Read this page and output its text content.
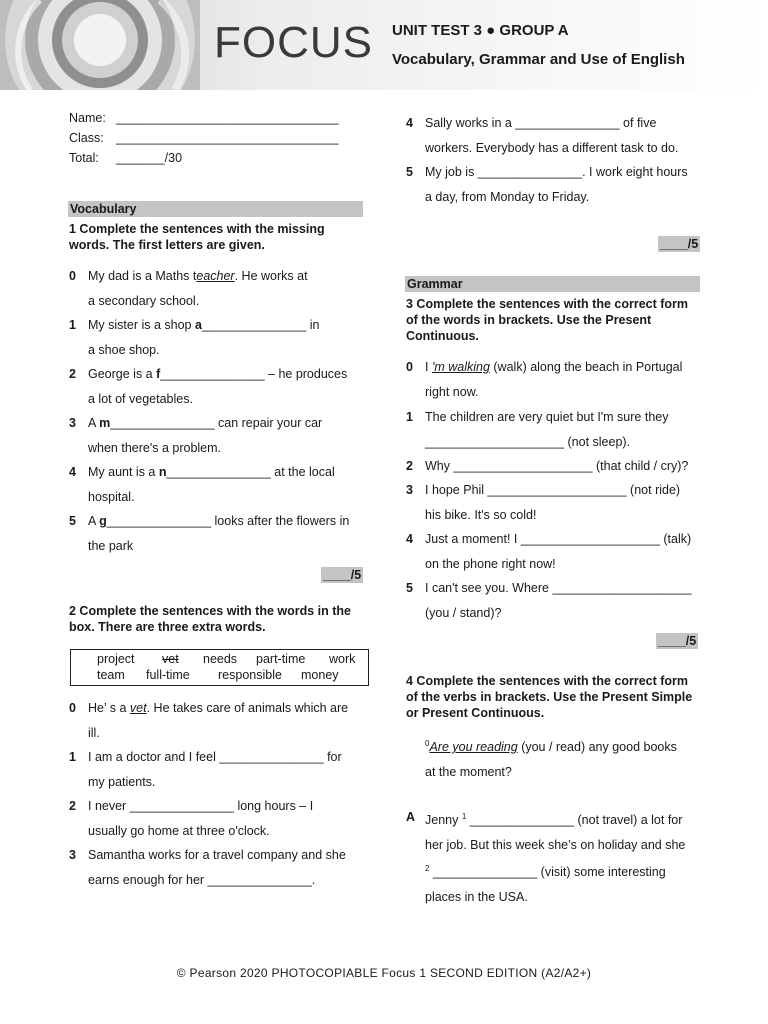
FOCUS UNIT TEST 3 ● GROUP A
Vocabulary, Grammar and Use of English
Name: ________________________________
Class: ________________________________
Total: _______/30
Vocabulary
1 Complete the sentences with the missing
words. The first letters are given.
0 My dad is a Maths teacher. He works at
a secondary school.
1 My sister is a shop a_______________ in
a shoe shop.
2 George is a f_______________ – he produces
a lot of vegetables.
3 A m_______________ can repair your car
when there's a problem.
4 My aunt is a n_______________ at the local
hospital.
5 A g_______________ looks after the flowers in
the park
____/5
2 Complete the sentences with the words in the
box. There are three extra words.
project vet needs part-time work
team full-time responsible money
0 He’ s a vet. He takes care of animals which are
ill.
1 I am a doctor and I feel _______________ for
my patients.
2 I never _______________ long hours – I
usually go home at three o'clock.
3 Samantha works for a travel company and she
earns enough for her _______________.
4 Sally works in a _______________ of five
workers. Everybody has a different task to do.
5 My job is _______________. I work eight hours
a day, from Monday to Friday.
____/5
Grammar
3 Complete the sentences with the correct form
of the words in brackets. Use the Present
Continuous.
0 I 'm walking (walk) along the beach in Portugal
right now.
1 The children are very quiet but I'm sure they
____________________ (not sleep).
2 Why ____________________ (that child / cry)?
3 I hope Phil ____________________ (not ride)
his bike. It's so cold!
4 Just a moment! I ____________________ (talk)
on the phone right now!
5 I can't see you. Where ____________________
(you / stand)?
____/5
4 Complete the sentences with the correct form
of the verbs in brackets. Use the Present Simple
or Present Continuous.
$^0$Are you reading (you / read) any good books
at the moment?
A Jenny $^1$ _______________ (not travel) a lot for
her job. But this week she’s on holiday and she
$^2$ _______________ (visit) some interesting
places in the USA.
© Pearson 2020 PHOTOCOPIABLE Focus 1 SECOND EDITION (A2/A2+)
